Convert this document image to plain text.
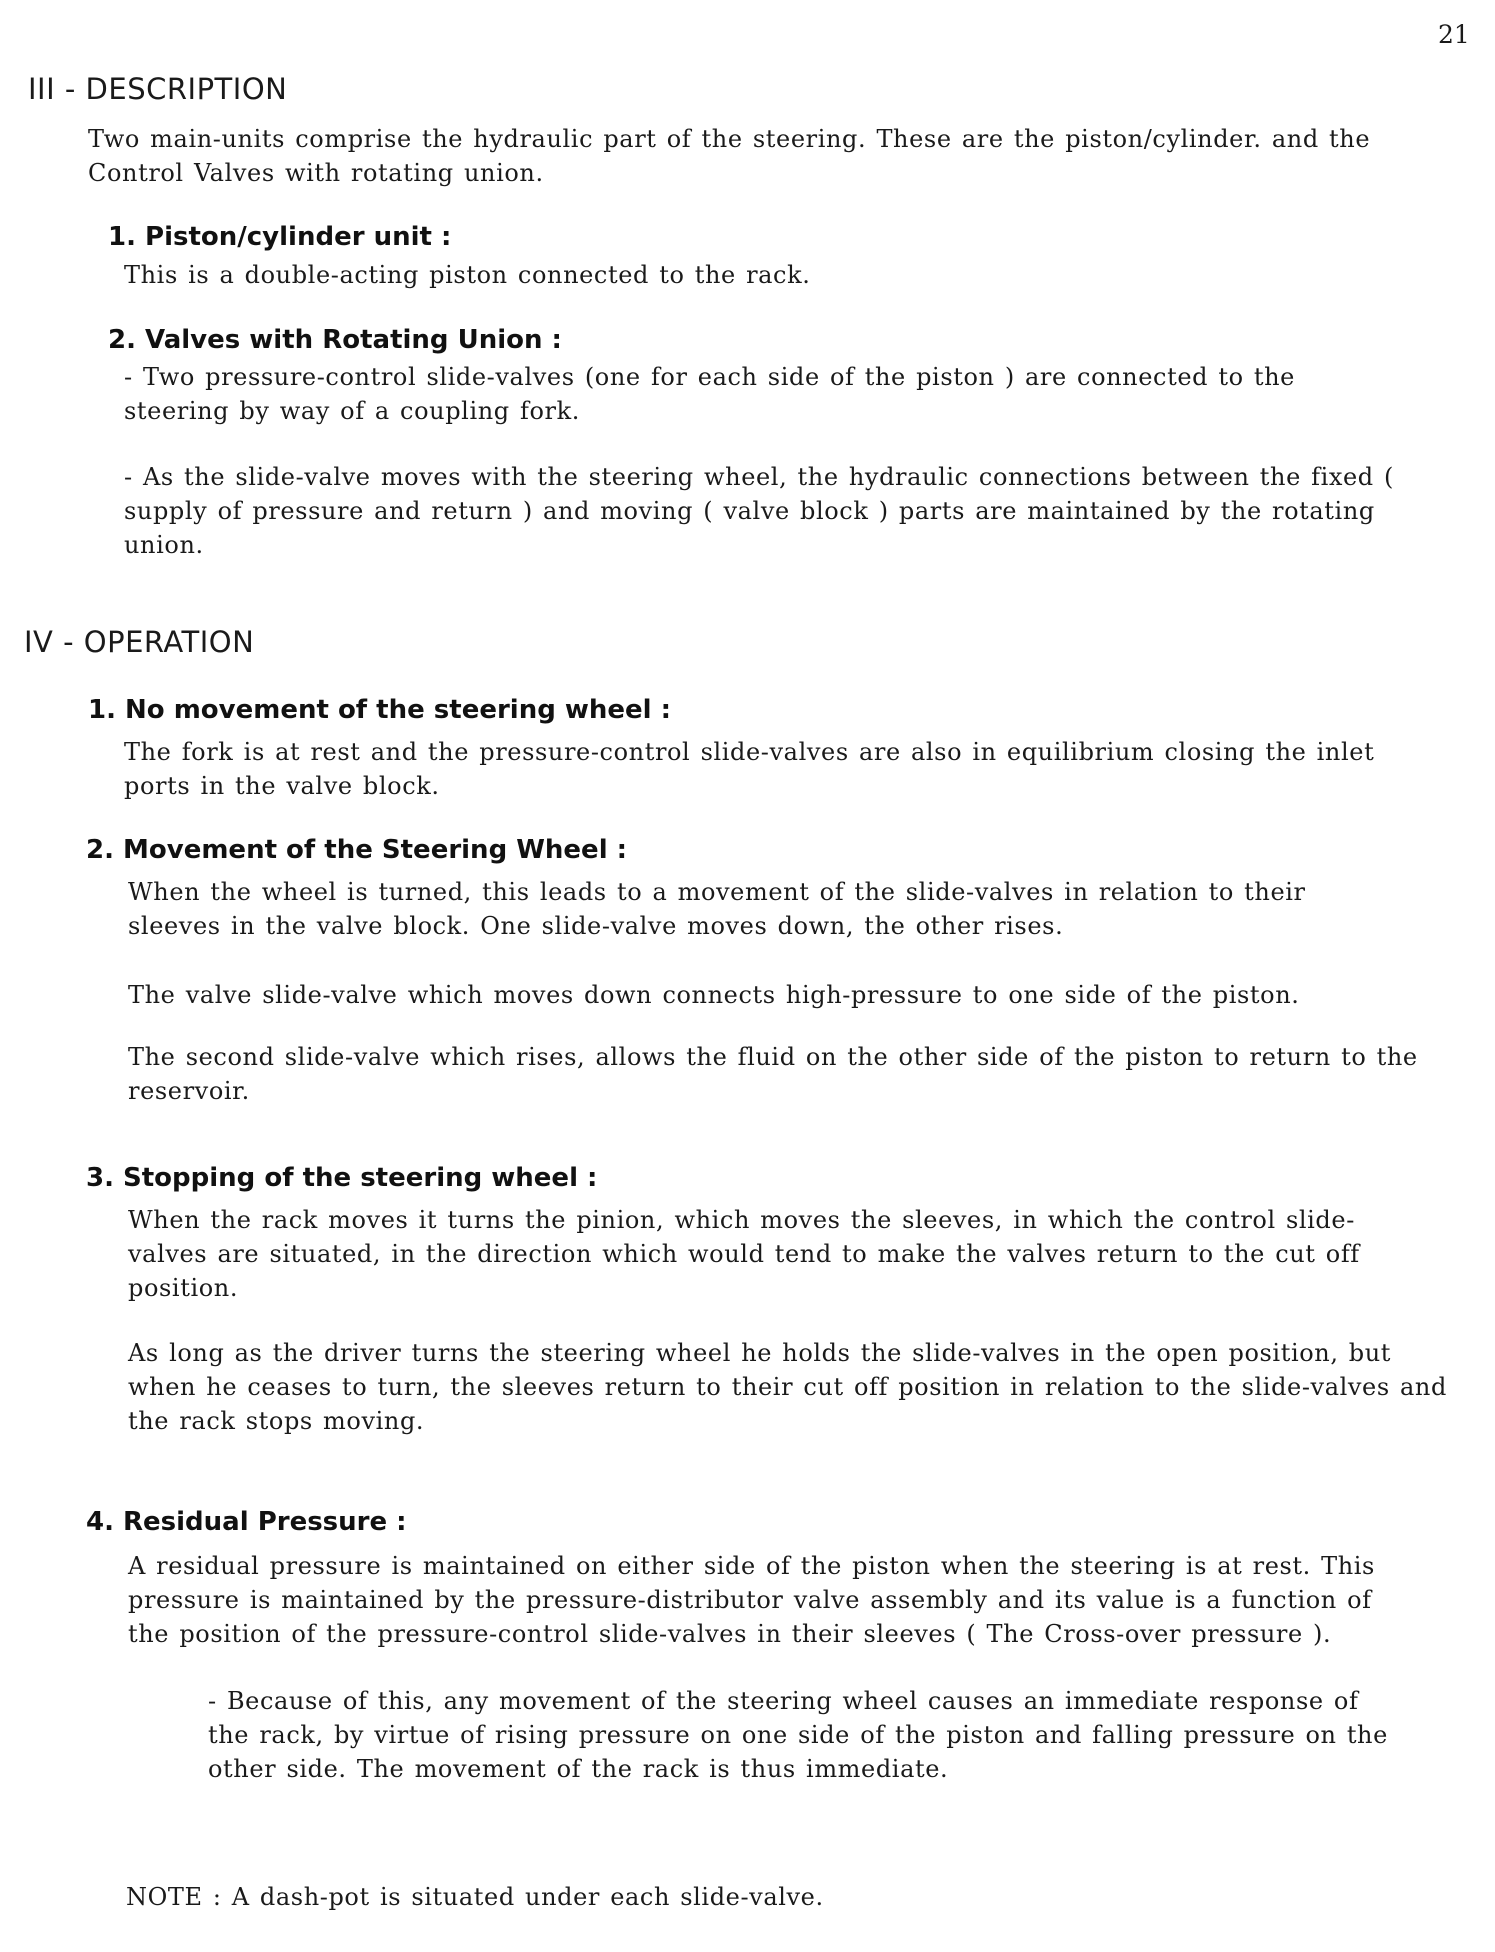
21
III - DESCRIPTION

Two main-units comprise the hydraulic part of the steering. These are the piston/cylinder. and the Control Valves with rotating union.

1. Piston/cylinder unit :

This is a double-acting piston connected to the rack.

2. Valves with Rotating Union :

- Two pressure-control slide-valves (one for each side of the piston ) are connected to the steering by way of a coupling fork.

- As the slide-valve moves with the steering wheel, the hydraulic connections between the fixed ( supply of pressure and return ) and moving ( valve block ) parts are maintained by the rotating union.

IV - OPERATION
1. No movement of the steering wheel :

The fork is at rest and the pressure-control slide-valves are also in equilibrium closing the inlet ports in the valve block.

2. Movement of the Steering Wheel :

When the wheel is turned, this leads to a movement of the slide-valves in relation to their sleeves in the valve block. One slide-valve moves down, the other rises.

The valve slide-valve which moves down connects high-pressure to one side of the piston.

The second slide-valve which rises, allows the fluid on the other side of the piston to return to the reservoir.

3. Stopping of the steering wheel :

When the rack moves it turns the pinion, which moves the sleeves, in which the control slide-valves are situated, in the direction which would tend to make the valves return to the cut off position.

As long as the driver turns the steering wheel he holds the slide-valves in the open position, but when he ceases to turn, the sleeves return to their cut off position in relation to the slide-valves and the rack stops moving.

4. Residual Pressure :

A residual pressure is maintained on either side of the piston when the steering is at rest. This pressure is maintained by the pressure-distributor valve assembly and its value is a function of the position of the pressure-control slide-valves in their sleeves ( The Cross-over pressure ).

- Because of this, any movement of the steering wheel causes an immediate response of the rack, by virtue of rising pressure on one side of the piston and falling pressure on the other side. The movement of the rack is thus immediate.

NOTE : A dash-pot is situated under each slide-valve.
